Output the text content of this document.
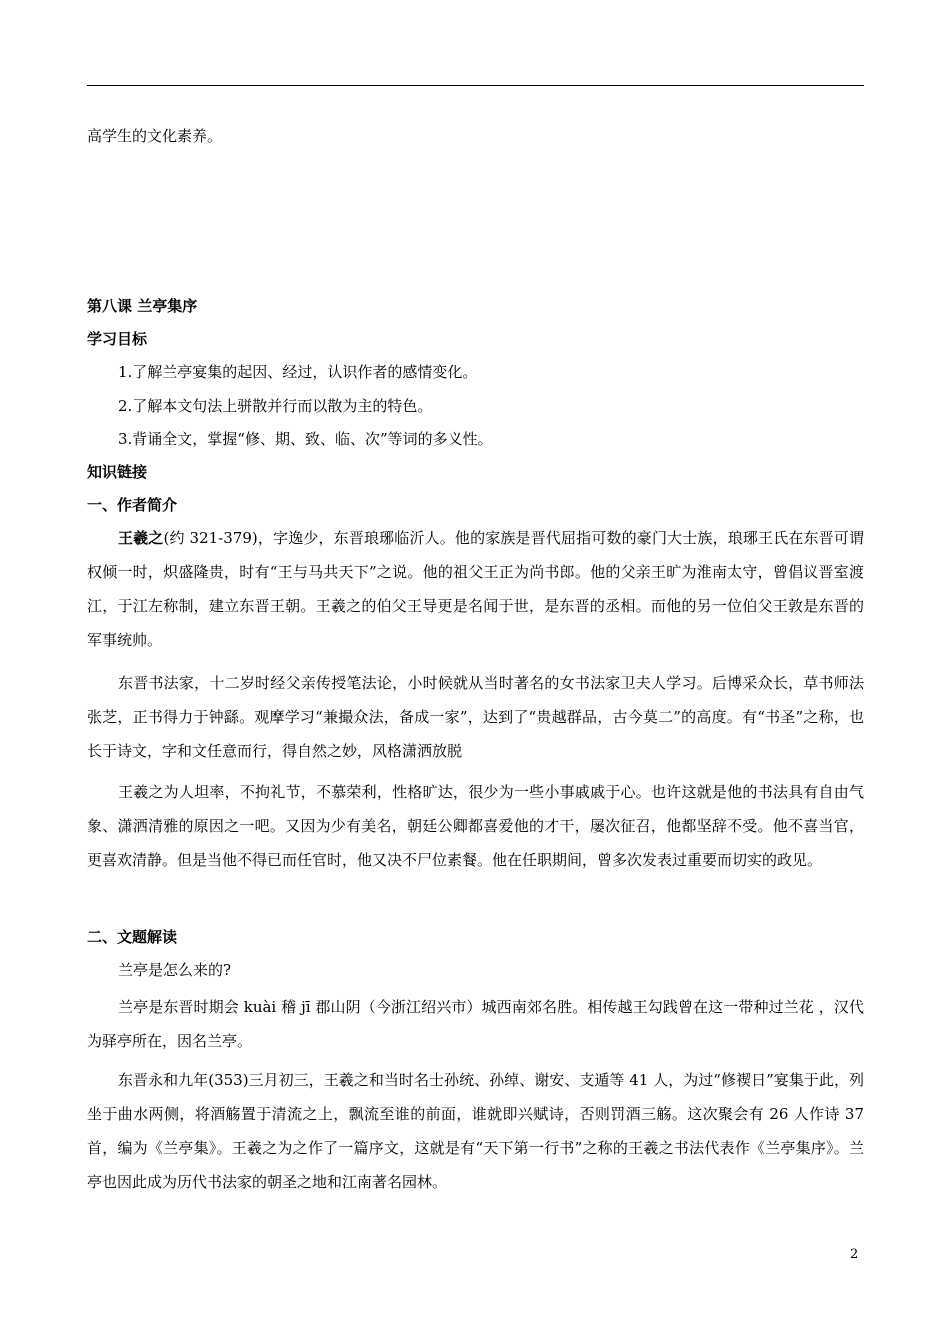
高学生的文化素养。
第八课 兰亭集序
学习目标
1.了解兰亭宴集的起因、经过，认识作者的感情变化。
2.了解本文句法上骈散并行而以散为主的特色。
3.背诵全文，掌握“修、期、致、临、次”等词的多义性。
知识链接
一、作者简介
王羲之(约 321-379)，字逸少，东晋琅琊临沂人。他的家族是晋代屈指可数的豪门大士族，琅琊王氏在东晋可谓权倾一时，炽盛隆贵，时有“王与马共天下”之说。他的祖父王正为尚书郎。他的父亲王旷为淮南太守，曾倡议晋室渡江，于江左称制，建立东晋王朝。王羲之的伯父王导更是名闻于世，是东晋的丞相。而他的另一位伯父王敦是东晋的军事统帅。
东晋书法家，十二岁时经父亲传授笔法论，小时候就从当时著名的女书法家卫夫人学习。后博采众长，草书师法张芝，正书得力于钟繇。观摩学习“兼撮众法，备成一家”，达到了“贵越群品，古今莫二”的高度。有“书圣”之称，也长于诗文，字和文任意而行，得自然之妙，风格潇洒放脱
王羲之为人坦率，不拘礼节，不慕荣利，性格旷达，很少为一些小事戚戚于心。也许这就是他的书法具有自由气象、潇洒清雅的原因之一吧。又因为少有美名，朝廷公卿都喜爱他的才干，屡次征召，他都坚辞不受。他不喜当官，更喜欢清静。但是当他不得已而任官时，他又决不尸位素餐。他在任职期间，曾多次发表过重要而切实的政见。
二、文题解读
兰亭是怎么来的?
兰亭是东晋时期会 kuài 稽 jī 郡山阴（今浙江绍兴市）城西南郊名胜。相传越王勾践曾在这一带种过兰花 ，汉代为驿亭所在，因名兰亭。
东晋永和九年(353)三月初三，王羲之和当时名士孙统、孙绰、谢安、支遁等 41 人，为过“修褉日”宴集于此，列坐于曲水两侧，将酒觞置于清流之上，飘流至谁的前面，谁就即兴赋诗，否则罚酒三觞。这次聚会有 26 人作诗 37 首，编为《兰亭集》。王羲之为之作了一篇序文，这就是有“天下第一行书”之称的王羲之书法代表作《兰亭集序》。兰亭也因此成为历代书法家的朝圣之地和江南著名园林。
2
